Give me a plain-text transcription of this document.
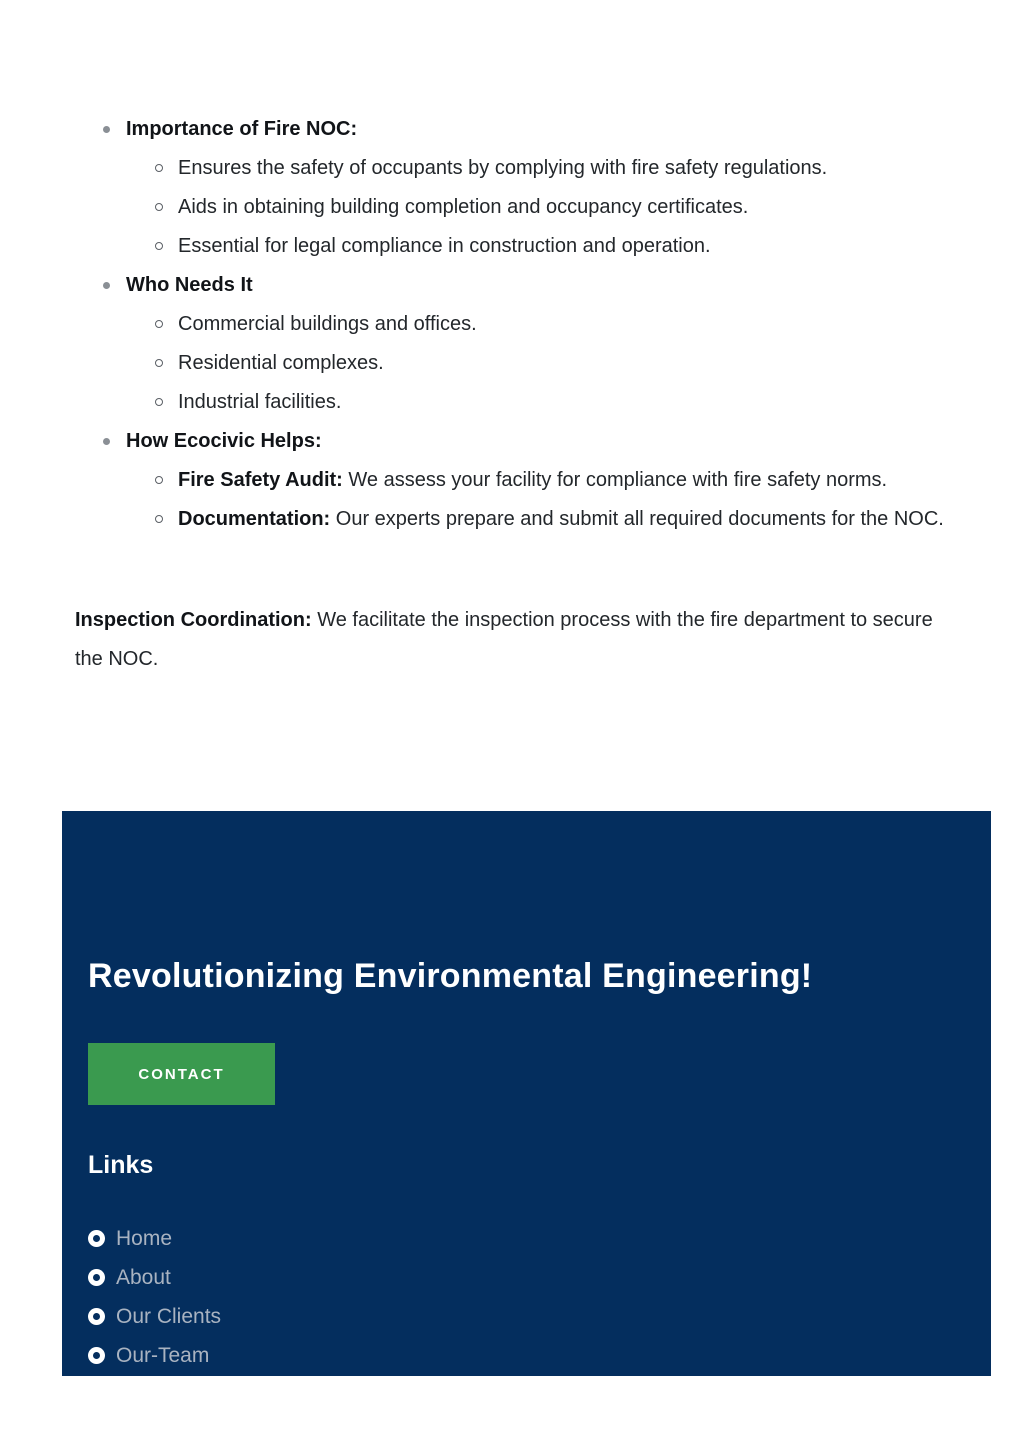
Importance of Fire NOC:
Ensures the safety of occupants by complying with fire safety regulations.
Aids in obtaining building completion and occupancy certificates.
Essential for legal compliance in construction and operation.
Who Needs It
Commercial buildings and offices.
Residential complexes.
Industrial facilities.
How Ecocivic Helps:
Fire Safety Audit: We assess your facility for compliance with fire safety norms.
Documentation: Our experts prepare and submit all required documents for the NOC.

Inspection Coordination: We facilitate the inspection process with the fire department to secure the NOC.

Revolutionizing Environmental Engineering!
CONTACT
Links
Home
About
Our Clients
Our-Team
